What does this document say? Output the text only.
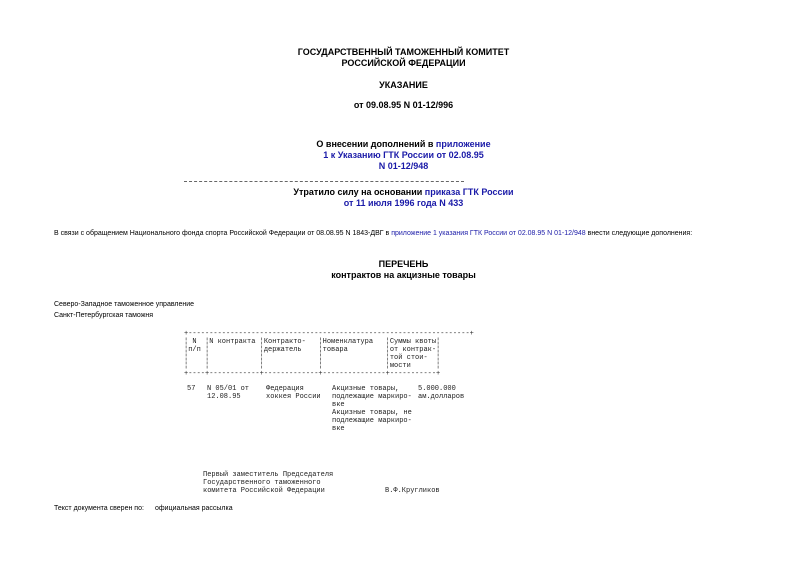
ГОСУДАРСТВЕННЫЙ ТАМОЖЕННЫЙ КОМИТЕТ
РОССИЙСКОЙ ФЕДЕРАЦИИ
УКАЗАНИЕ
от 09.08.95 N 01-12/996
О внесении дополнений в приложение
1 к Указанию ГТК России от 02.08.95
N 01-12/948
Утратило силу на основании приказа ГТК России
от 11 июля 1996 года N 433
В связи с обращением Национального фонда спорта Российской Федерации от 08.08.95 N 1843-ДВГ в приложение 1 указания ГТК России от 02.08.95 N 01-12/948 внести следующие дополнения:
ПЕРЕЧЕНЬ
контрактов на акцизные товары
Северо-Западное таможенное управление
Санкт-Петербургская таможня
+-------------------------------------------------------------------+
¦ N  ¦N контракта ¦Контракто-   ¦Номенклатура   ¦Суммы квоты¦
¦п/п ¦            ¦держатель    ¦товара         ¦от контрак-¦
¦    ¦            ¦             ¦               ¦той стои-  ¦
¦    ¦            ¦             ¦               ¦мости      ¦
+----+------------+-------------+---------------+-----------+
57 N 05/01 от
12.08.95
Федерация
хоккея России
Акцизные товары,
подлежащие маркиро-
вке
Акцизные товары, не
подлежащие маркиро-
вке
5.000.000
ам.долларов
Первый заместитель Председателя
Государственного таможенного
комитета Российской Федерации	В.Ф.Кругликов
Текст документа сверен по: официальная рассылка
